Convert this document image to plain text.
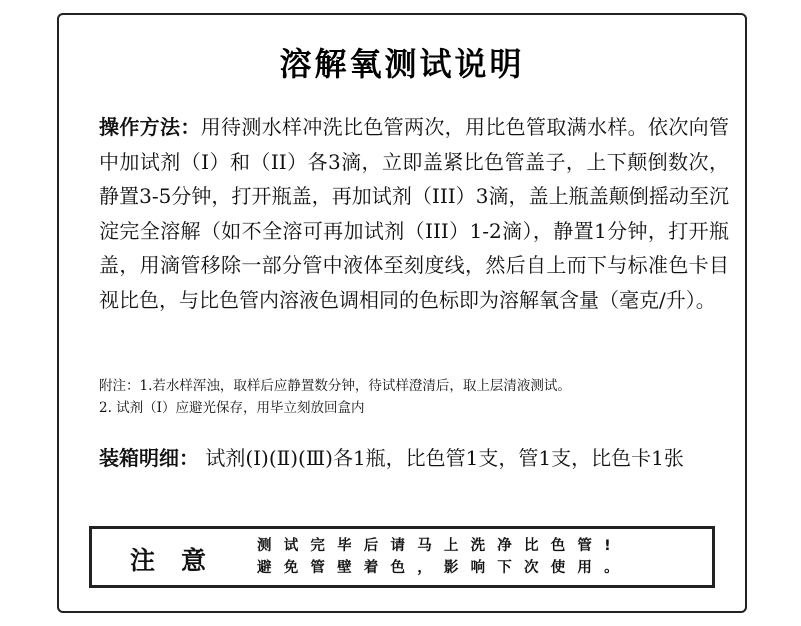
溶解氧测试说明
操作方法：用待测水样冲洗比色管两次，用比色管取满水样。依次向管中加试剂（I）和（II）各3滴，立即盖紧比色管盖子，上下颠倒数次，静置3-5分钟，打开瓶盖，再加试剂（III）3滴，盖上瓶盖颠倒摇动至沉淀完全溶解（如不全溶可再加试剂（III）1-2滴），静置1分钟，打开瓶盖，用滴管移除一部分管中液体至刻度线，然后自上而下与标准色卡目视比色，与比色管内溶液色调相同的色标即为溶解氧含量（毫克/升）。
附注：1.若水样浑浊，取样后应静置数分钟，待试样澄清后，取上层清液测试。
2. 试剂（I）应避光保存，用毕立刻放回盒内
装箱明细： 试剂(Ⅰ)(Ⅱ)(Ⅲ)各1瓶，比色管1支，管1支，比色卡1张
注意 测试完毕后请马上洗净比色管!
避免管壁着色，影响下次使用。
